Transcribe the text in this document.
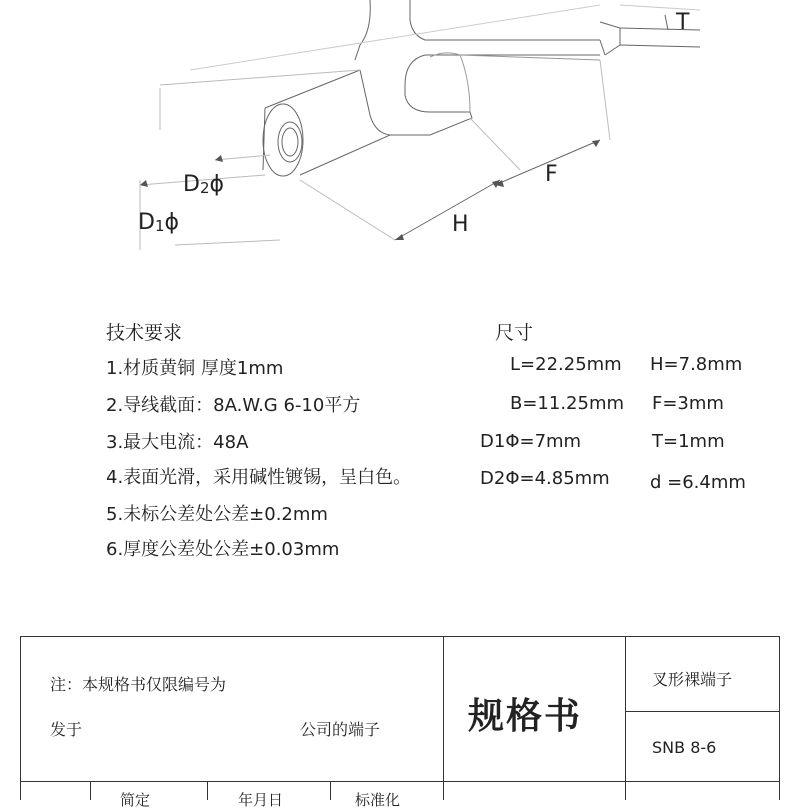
T
F
H
$D_2\phi$
$D_1\phi$
技术要求
1.材质黄铜 厚度1mm
2.导线截面：8A.W.G 6-10平方
3.最大电流：48A
4.表面光滑，采用碱性镀锡，呈白色。
5.未标公差处公差±0.2mm
6.厚度公差处公差±0.03mm
尺寸
L=22.25mm H=7.8mm
B=11.25mm F=3mm
D1Φ=7mm	T=1mm
D2Φ=4.85mm d =6.4mm
注：本规格书仅限编号为
发于	公司的端子 规格书
叉形裸端子
SNB 8-6
简定	年月日	标准化
